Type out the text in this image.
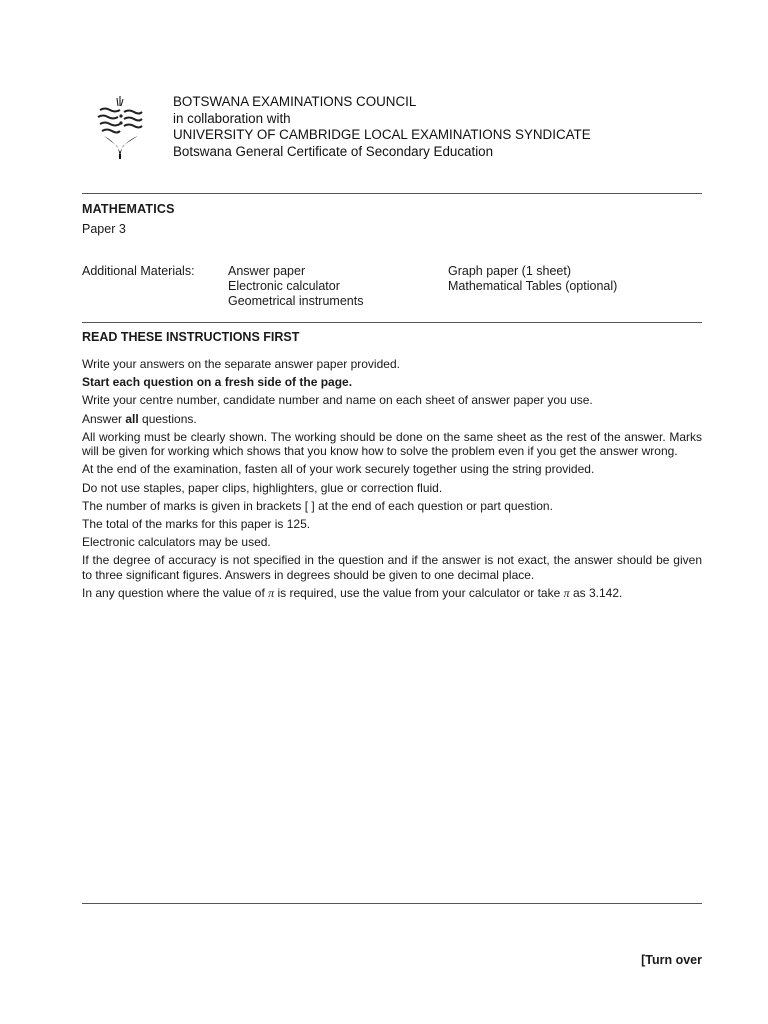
BOTSWANA EXAMINATIONS COUNCIL
in collaboration with
UNIVERSITY OF CAMBRIDGE LOCAL EXAMINATIONS SYNDICATE
Botswana General Certificate of Secondary Education
MATHEMATICS
Paper 3
Additional Materials:	Answer paper
Electronic calculator
Geometrical instruments
Graph paper (1 sheet)
Mathematical Tables (optional)
READ THESE INSTRUCTIONS FIRST

Write your answers on the separate answer paper provided.

Start each question on a fresh side of the page.

Write your centre number, candidate number and name on each sheet of answer paper you use.

Answer all questions.

All working must be clearly shown. The working should be done on the same sheet as the rest of the answer. Marks will be given for working which shows that you know how to solve the problem even if you get the answer wrong.

At the end of the examination, fasten all of your work securely together using the string provided.

Do not use staples, paper clips, highlighters, glue or correction fluid.

The number of marks is given in brackets [ ] at the end of each question or part question.

The total of the marks for this paper is 125.

Electronic calculators may be used.

If the degree of accuracy is not specified in the question and if the answer is not exact, the answer should be given to three significant figures. Answers in degrees should be given to one decimal place.

In any question where the value of π is required, use the value from your calculator or take π as 3.142.

[Turn over
